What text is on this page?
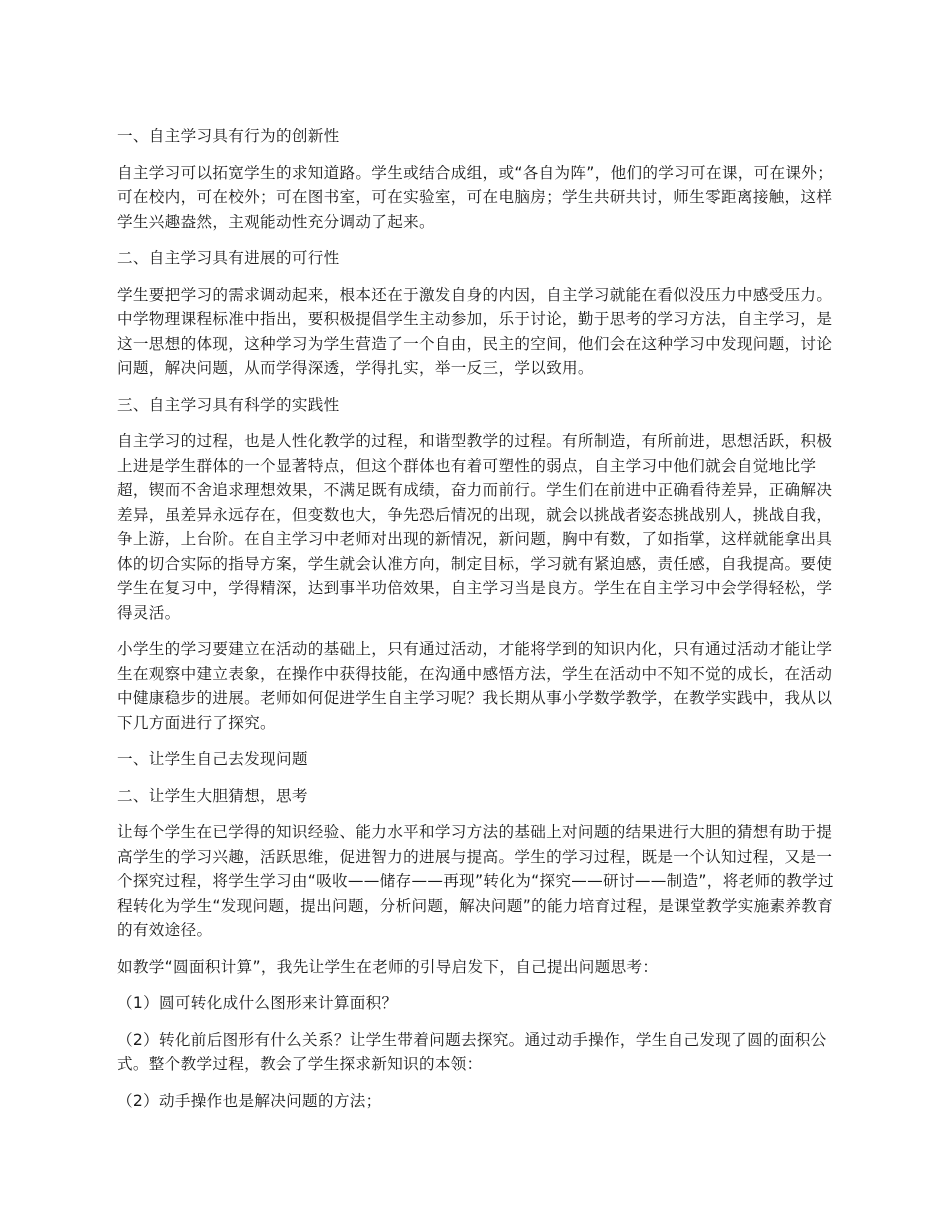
一、自主学习具有行为的创新性

自主学习可以拓宽学生的求知道路。学生或结合成组，或“各自为阵”，他们的学习可在课，可在课外；可在校内，可在校外；可在图书室，可在实验室，可在电脑房；学生共研共讨，师生零距离接触，这样学生兴趣盎然，主观能动性充分调动了起来。

二、自主学习具有进展的可行性

学生要把学习的需求调动起来，根本还在于激发自身的内因，自主学习就能在看似没压力中感受压力。中学物理课程标准中指出，要积极提倡学生主动参加，乐于讨论，勤于思考的学习方法，自主学习，是这一思想的体现，这种学习为学生营造了一个自由，民主的空间，他们会在这种学习中发现问题，讨论问题，解决问题，从而学得深透，学得扎实，举一反三，学以致用。

三、自主学习具有科学的实践性

自主学习的过程，也是人性化教学的过程，和谐型教学的过程。有所制造，有所前进，思想活跃，积极上进是学生群体的一个显著特点，但这个群体也有着可塑性的弱点，自主学习中他们就会自觉地比学超，锲而不舍追求理想效果，不满足既有成绩，奋力而前行。学生们在前进中正确看待差异，正确解决差异，虽差异永远存在，但变数也大，争先恐后情况的出现，就会以挑战者姿态挑战别人，挑战自我，争上游，上台阶。在自主学习中老师对出现的新情况，新问题，胸中有数，了如指掌，这样就能拿出具体的切合实际的指导方案，学生就会认准方向，制定目标，学习就有紧迫感，责任感，自我提高。要使学生在复习中，学得精深，达到事半功倍效果，自主学习当是良方。学生在自主学习中会学得轻松，学得灵活。

小学生的学习要建立在活动的基础上，只有通过活动，才能将学到的知识内化，只有通过活动才能让学生在观察中建立表象，在操作中获得技能，在沟通中感悟方法，学生在活动中不知不觉的成长，在活动中健康稳步的进展。老师如何促进学生自主学习呢？我长期从事小学数学教学，在教学实践中，我从以下几方面进行了探究。

一、让学生自己去发现问题

二、让学生大胆猜想，思考

让每个学生在已学得的知识经验、能力水平和学习方法的基础上对问题的结果进行大胆的猜想有助于提高学生的学习兴趣，活跃思维，促进智力的进展与提高。学生的学习过程，既是一个认知过程，又是一个探究过程，将学生学习由“吸收——储存——再现”转化为“探究——研讨——制造”，将老师的教学过程转化为学生“发现问题，提出问题，分析问题，解决问题”的能力培育过程，是课堂教学实施素养教育的有效途径。

如教学“圆面积计算”，我先让学生在老师的引导启发下，自己提出问题思考：

（1）圆可转化成什么图形来计算面积？

（2）转化前后图形有什么关系？让学生带着问题去探究。通过动手操作，学生自己发现了圆的面积公式。整个教学过程，教会了学生探求新知识的本领：

（2）动手操作也是解决问题的方法；
